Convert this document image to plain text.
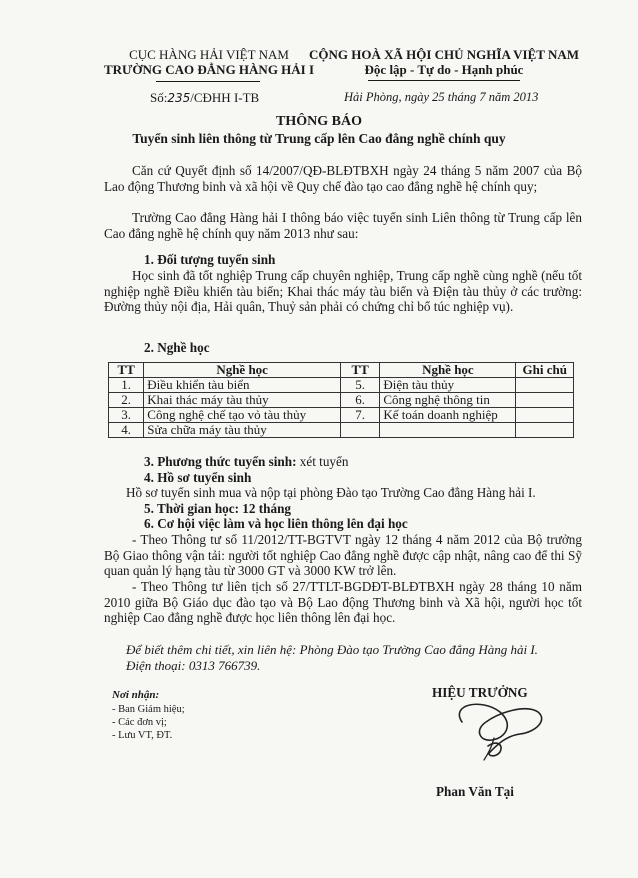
CỤC HÀNG HẢI VIỆT NAM
TRƯỜNG CAO ĐẲNG HÀNG HẢI I
Số:235/CĐHH I-TB
CỘNG HOÀ XÃ HỘI CHỦ NGHĨA VIỆT NAM
Độc lập - Tự do - Hạnh phúc
Hải Phòng, ngày 25 tháng 7 năm 2013
THÔNG BÁO
Tuyển sinh liên thông từ Trung cấp lên Cao đẳng nghề chính quy
Căn cứ Quyết định số 14/2007/QĐ-BLĐTBXH ngày 24 tháng 5 năm 2007 của Bộ Lao động Thương binh và xã hội về Quy chế đào tạo cao đẳng nghề hệ chính quy;
Trường Cao đẳng Hàng hải I thông báo việc tuyển sinh Liên thông từ Trung cấp lên Cao đẳng nghề hệ chính quy năm 2013 như sau:
1. Đối tượng tuyển sinh
Học sinh đã tốt nghiệp Trung cấp chuyên nghiệp, Trung cấp nghề cùng nghề (nếu tốt nghiệp nghề Điều khiển tàu biển; Khai thác máy tàu biển và Điện tàu thủy ở các trường: Đường thủy nội địa, Hải quân, Thuỷ sản phải có chứng chỉ bổ túc nghiệp vụ).
2. Nghề học
TT	Nghề học	TT	Nghề học	Ghi chú
1.	Điều khiển tàu biển	5.	Điện tàu thủy	
2.	Khai thác máy tàu thủy	6.	Công nghệ thông tin	
3.	Công nghệ chế tạo vỏ tàu thủy	7.	Kế toán doanh nghiệp	
4.	Sửa chữa máy tàu thủy			
3. Phương thức tuyển sinh: xét tuyển
4. Hồ sơ tuyển sinh
Hồ sơ tuyển sinh mua và nộp tại phòng Đào tạo Trường Cao đẳng Hàng hải I.
5. Thời gian học: 12 tháng
6. Cơ hội việc làm và học liên thông lên đại học
- Theo Thông tư số 11/2012/TT-BGTVT ngày 12 tháng 4 năm 2012 của Bộ trưởng Bộ Giao thông vận tải: người tốt nghiệp Cao đẳng nghề được cập nhật, nâng cao để thi Sỹ quan quản lý hạng tàu từ 3000 GT và 3000 KW trở lên.
- Theo Thông tư liên tịch số 27/TTLT-BGDĐT-BLĐTBXH ngày 28 tháng 10 năm 2010 giữa Bộ Giáo dục đào tạo và Bộ Lao động Thương binh và Xã hội, người học tốt nghiệp Cao đẳng nghề được học liên thông lên đại học.
Để biết thêm chi tiết, xin liên hệ: Phòng Đào tạo Trường Cao đẳng Hàng hải I.
Điện thoại: 0313 766739.
Nơi nhận:
- Ban Giám hiệu;
- Các đơn vị;
- Lưu VT, ĐT.
HIỆU TRƯỞNG
Phan Văn Tại
